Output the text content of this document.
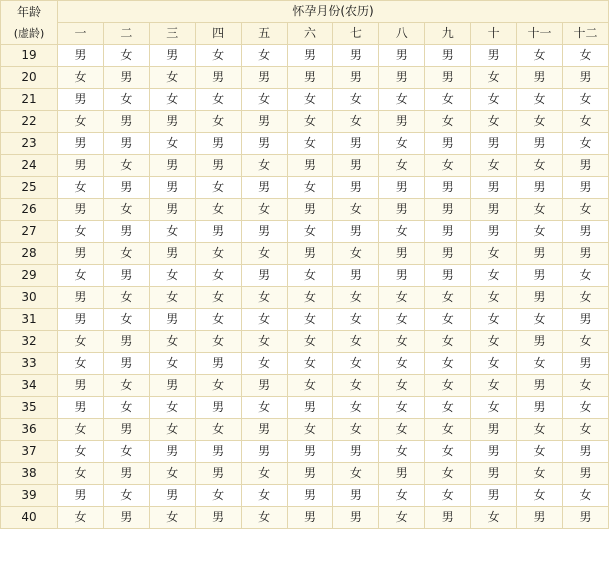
年龄
(虚龄)	怀孕月份(农历)											
	一	二	三	四	五	六	七	八	九	十	十一	十二
19	男	女	男	女	女	男	男	男	男	男	女	女
20	女	男	女	男	男	男	男	男	男	女	男	男
21	男	女	女	女	女	女	女	女	女	女	女	女
22	女	男	男	女	男	女	女	男	女	女	女	女
23	男	男	女	男	男	女	男	女	男	男	男	女
24	男	女	男	男	女	男	男	女	女	女	女	男
25	女	男	男	女	男	女	男	男	男	男	男	男
26	男	女	男	女	女	男	女	男	男	男	女	女
27	女	男	女	男	男	女	男	女	男	男	女	男
28	男	女	男	女	女	男	女	男	男	女	男	男
29	女	男	女	女	男	女	男	男	男	女	男	女
30	男	女	女	女	女	女	女	女	女	女	男	女
31	男	女	男	女	女	女	女	女	女	女	女	男
32	女	男	女	女	女	女	女	女	女	女	男	女
33	女	男	女	男	女	女	女	女	女	女	女	男
34	男	女	男	女	男	女	女	女	女	女	男	女
35	男	女	女	男	女	男	女	女	女	女	男	女
36	女	男	女	女	男	女	女	女	女	男	女	女
37	女	女	男	男	男	男	男	女	女	男	女	男
38	女	男	女	男	女	男	女	男	女	男	女	男
39	男	女	男	女	女	男	男	女	女	男	女	女
40	女	男	女	男	女	男	男	女	男	女	男	男
